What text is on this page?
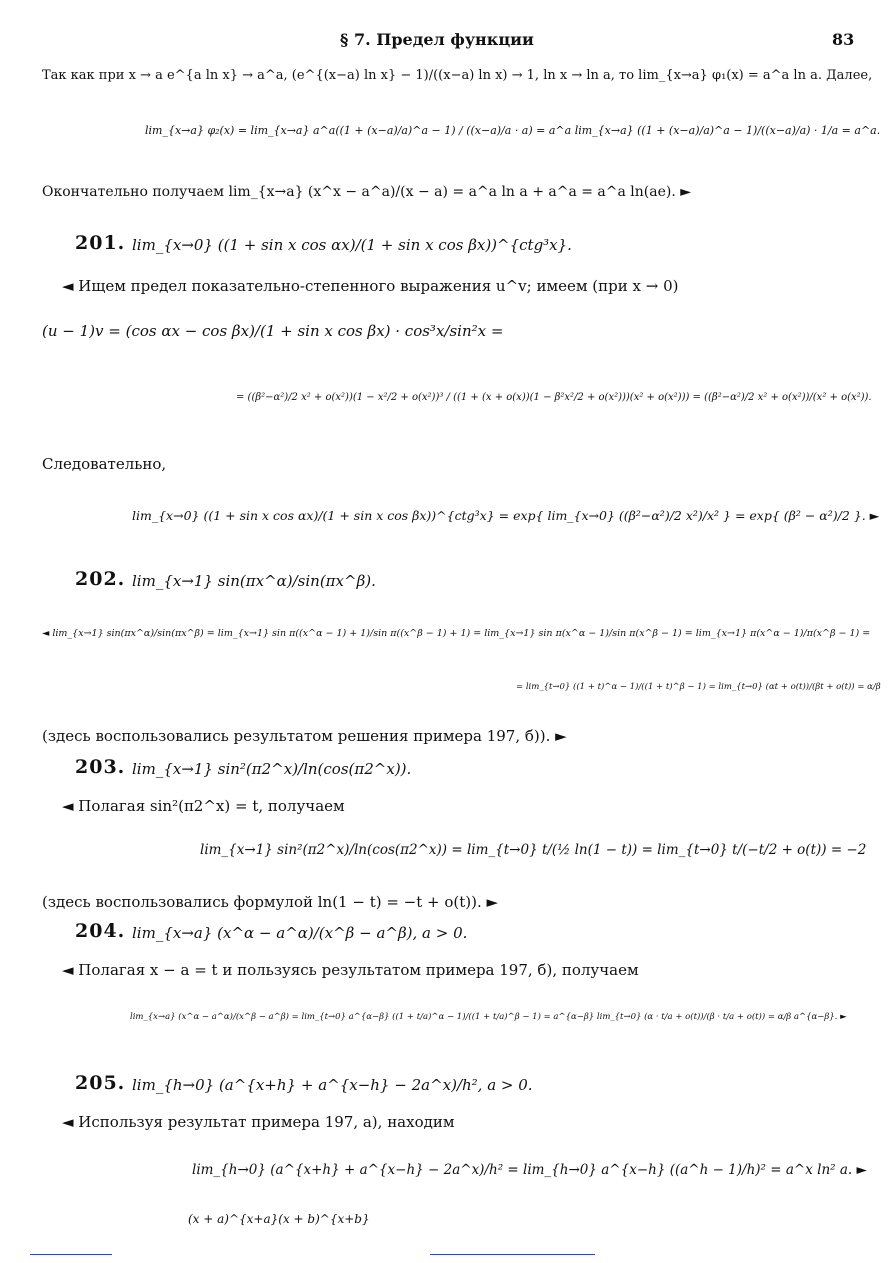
§ 7. Предел функции	83
Так как при x → a e^{a ln x} → a^a, (e^{(x−a) ln x} − 1)/((x−a) ln x) → 1, ln x → ln a, то lim_{x→a} φ₁(x) = a^a ln a. Далее,
lim_{x→a} φ₂(x) = lim_{x→a} a^a((1 + (x−a)/a)^a − 1) / ((x−a)/a · a) = a^a lim_{x→a} ((1 + (x−a)/a)^a − 1)/((x−a)/a) · 1/a = a^a.
Окончательно получаем lim_{x→a} (x^x − a^a)/(x − a) = a^a ln a + a^a = a^a ln(ae). ►
201. lim_{x→0} ((1 + sin x cos αx)/(1 + sin x cos βx))^{ctg³x}.
◄ Ищем предел показательно-степенного выражения u^v; имеем (при x → 0)
(u − 1)v = (cos αx − cos βx)/(1 + sin x cos βx) · cos³x/sin²x =
= ((β²−α²)/2 x² + o(x²))(1 − x²/2 + o(x²))³ / ((1 + (x + o(x))(1 − β²x²/2 + o(x²)))(x² + o(x²))) = ((β²−α²)/2 x² + o(x²))/(x² + o(x²)).
Следовательно,
lim_{x→0} ((1 + sin x cos αx)/(1 + sin x cos βx))^{ctg³x} = exp{ lim_{x→0} ((β²−α²)/2 x²)/x² } = exp{ (β² − α²)/2 }. ►
202. lim_{x→1} sin(πx^α)/sin(πx^β).
◄ lim_{x→1} sin(πx^α)/sin(πx^β) = lim_{x→1} sin π((x^α − 1) + 1)/sin π((x^β − 1) + 1) = lim_{x→1} sin π(x^α − 1)/sin π(x^β − 1) = lim_{x→1} π(x^α − 1)/π(x^β − 1) =
= lim_{t→0} ((1 + t)^α − 1)/((1 + t)^β − 1) = lim_{t→0} (αt + o(t))/(βt + o(t)) = α/β
(здесь воспользовались результатом решения примера 197, б)). ►
203. lim_{x→1} sin²(π2^x)/ln(cos(π2^x)).
◄ Полагая sin²(π2^x) = t, получаем
lim_{x→1} sin²(π2^x)/ln(cos(π2^x)) = lim_{t→0} t/(½ ln(1 − t)) = lim_{t→0} t/(−t/2 + o(t)) = −2
(здесь воспользовались формулой ln(1 − t) = −t + o(t)). ►
204. lim_{x→a} (x^α − a^α)/(x^β − a^β), a > 0.
◄ Полагая x − a = t и пользуясь результатом примера 197, б), получаем
lim_{x→a} (x^α − a^α)/(x^β − a^β) = lim_{t→0} a^{α−β} ((1 + t/a)^α − 1)/((1 + t/a)^β − 1) = a^{α−β} lim_{t→0} (α · t/a + o(t))/(β · t/a + o(t)) = α/β a^{α−β}. ►
205. lim_{h→0} (a^{x+h} + a^{x−h} − 2a^x)/h², a > 0.
◄ Используя результат примера 197, а), находим
lim_{h→0} (a^{x+h} + a^{x−h} − 2a^x)/h² = lim_{h→0} a^{x−h} ((a^h − 1)/h)² = a^x ln² a. ►
(x + a)^{x+a}(x + b)^{x+b}
